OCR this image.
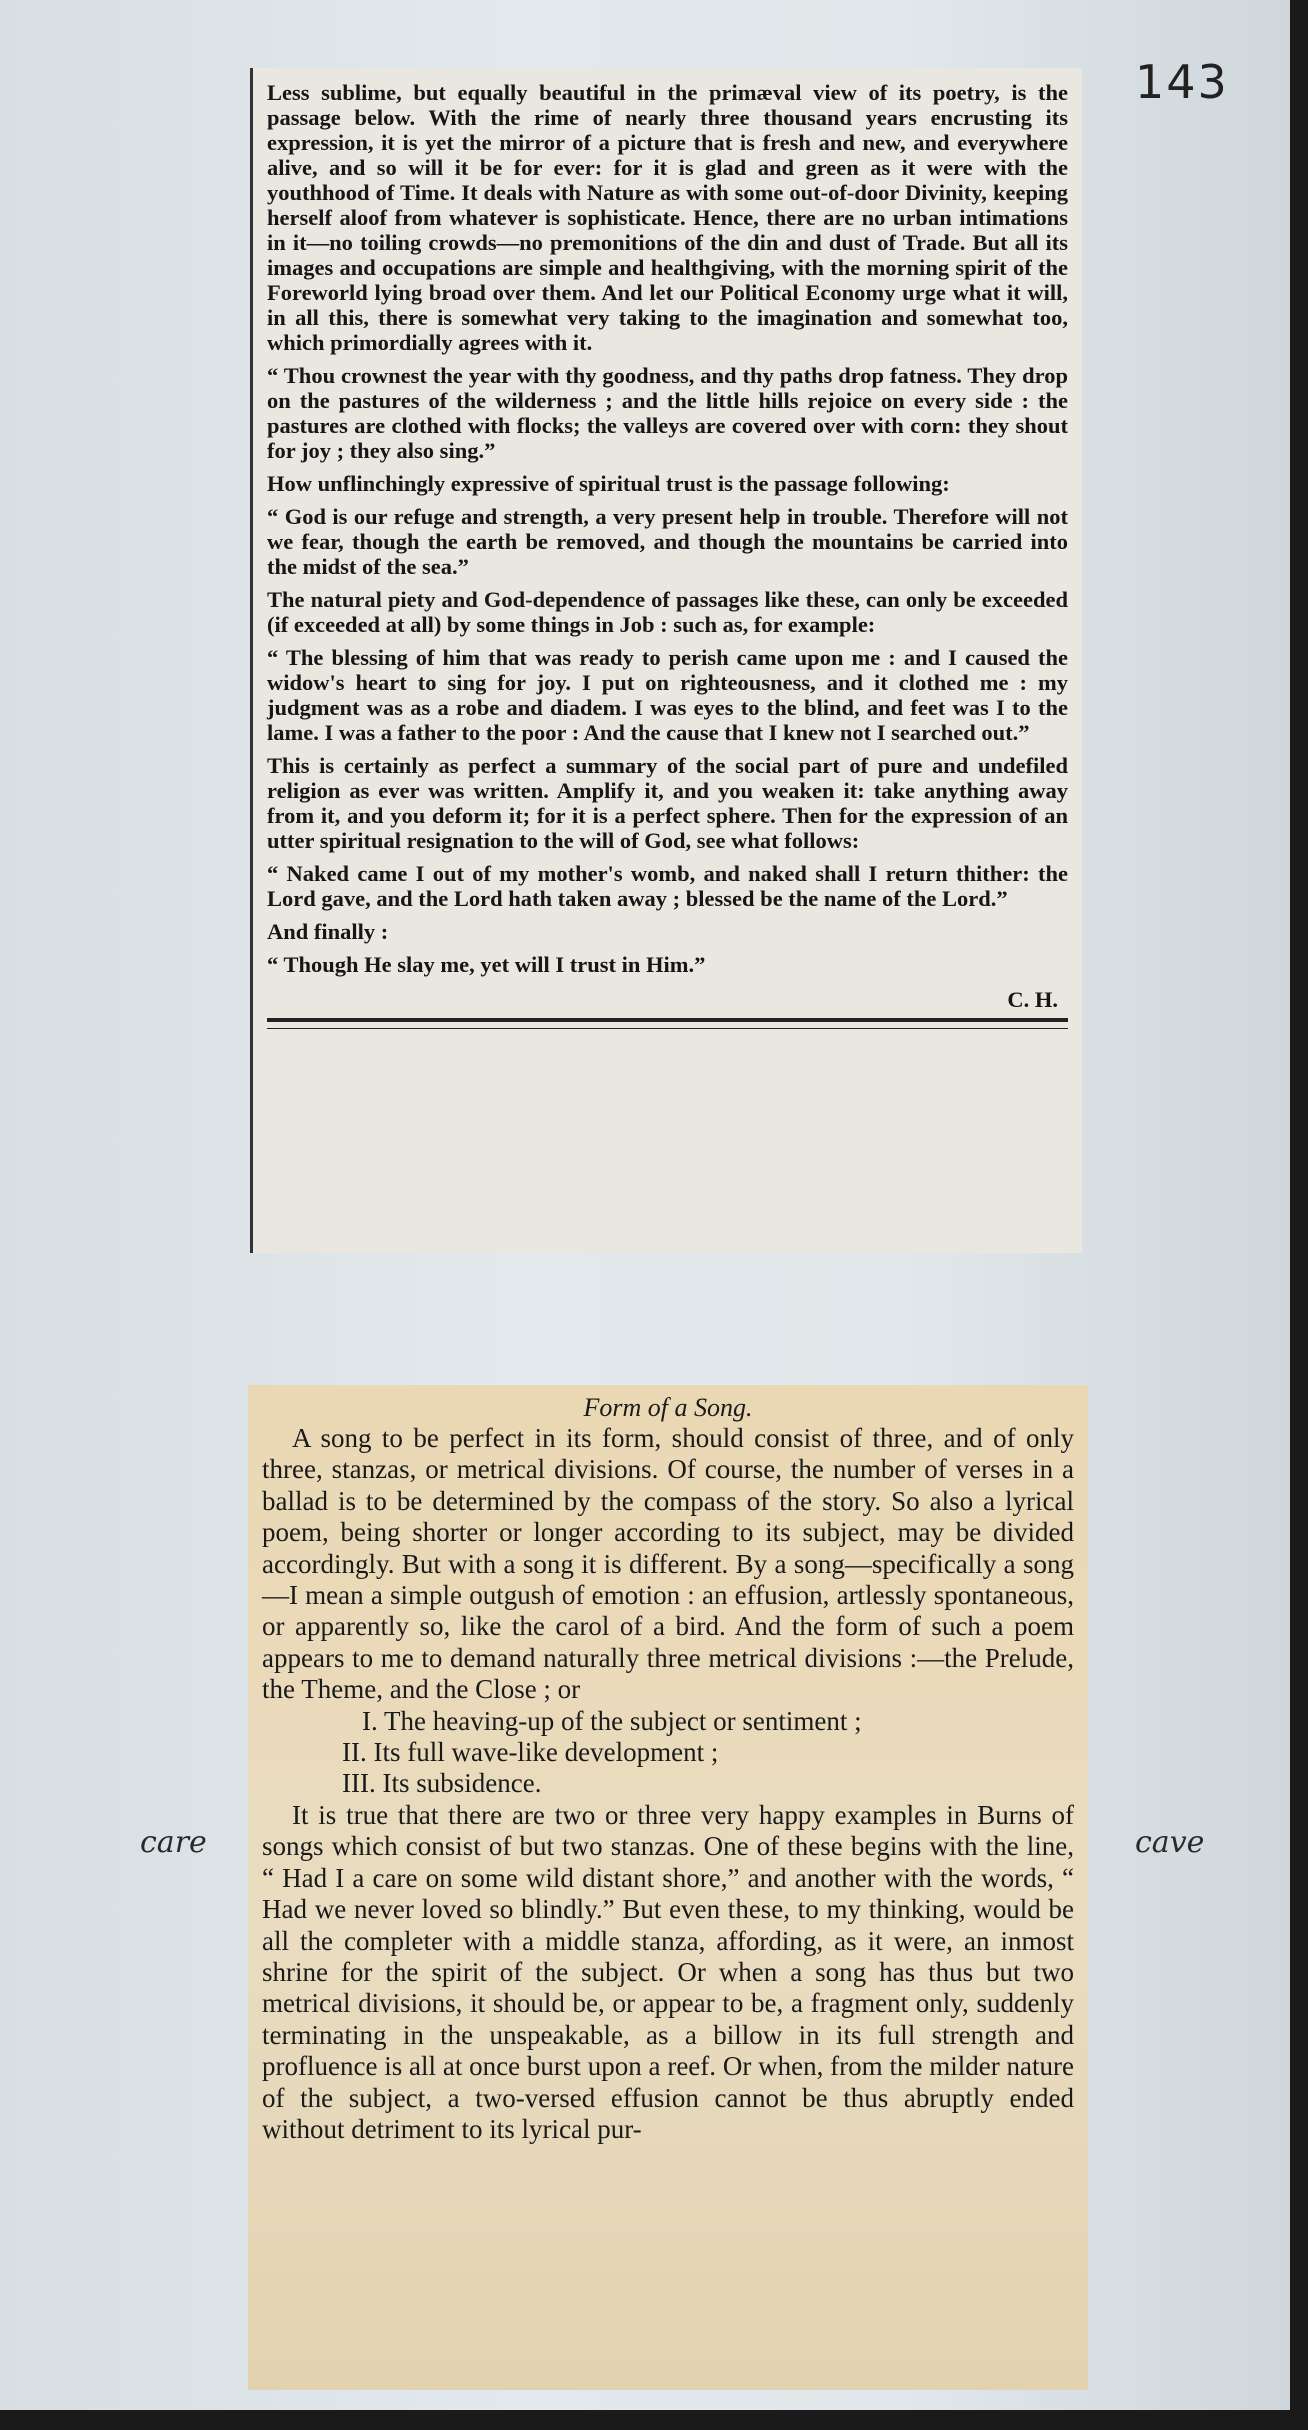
143

Less sublime, but equally beautiful in the primæval view of its poetry, is the passage below. With the rime of nearly three thousand years encrusting its expression, it is yet the mirror of a picture that is fresh and new, and everywhere alive, and so will it be for ever: for it is glad and green as it were with the youthhood of Time. It deals with Nature as with some out-of-door Divinity, keeping herself aloof from whatever is sophisticate. Hence, there are no urban intimations in it—no toiling crowds—no premonitions of the din and dust of Trade. But all its images and occupations are simple and healthgiving, with the morning spirit of the Foreworld lying broad over them. And let our Political Economy urge what it will, in all this, there is somewhat very taking to the imagination and somewhat too, which primordially agrees with it.

“ Thou crownest the year with thy goodness, and thy paths drop fatness. They drop on the pastures of the wilderness ; and the little hills rejoice on every side : the pastures are clothed with flocks; the valleys are covered over with corn: they shout for joy ; they also sing.”

How unflinchingly expressive of spiritual trust is the passage following:

“ God is our refuge and strength, a very present help in trouble. Therefore will not we fear, though the earth be removed, and though the mountains be carried into the midst of the sea.”

The natural piety and God-dependence of passages like these, can only be exceeded (if exceeded at all) by some things in Job : such as, for example:

“ The blessing of him that was ready to perish came upon me : and I caused the widow's heart to sing for joy. I put on righteousness, and it clothed me : my judgment was as a robe and diadem. I was eyes to the blind, and feet was I to the lame. I was a father to the poor : And the cause that I knew not I searched out.”

This is certainly as perfect a summary of the social part of pure and undefiled religion as ever was written. Amplify it, and you weaken it: take anything away from it, and you deform it; for it is a perfect sphere. Then for the expression of an utter spiritual resignation to the will of God, see what follows:

“ Naked came I out of my mother's womb, and naked shall I return thither: the Lord gave, and the Lord hath taken away ; blessed be the name of the Lord.”

And finally :

“ Though He slay me, yet will I trust in Him.”

C. H.
Form of a Song.

A song to be perfect in its form, should consist of three, and of only three, stanzas, or metrical divisions. Of course, the number of verses in a ballad is to be determined by the compass of the story. So also a lyrical poem, being shorter or longer according to its subject, may be divided accordingly. But with a song it is different. By a song—specifically a song—I mean a simple outgush of emotion : an effusion, artlessly spontaneous, or apparently so, like the carol of a bird. And the form of such a poem appears to me to demand naturally three metrical divisions :—the Prelude, the Theme, and the Close ; or

I. The heaving-up of the subject or sentiment ;

II. Its full wave-like development ;

III. Its subsidence.

It is true that there are two or three very happy examples in Burns of songs which consist of but two stanzas. One of these begins with the line, “ Had I a care on some wild distant shore,” and another with the words, “ Had we never loved so blindly.” But even these, to my thinking, would be all the completer with a middle stanza, affording, as it were, an inmost shrine for the spirit of the subject. Or when a song has thus but two metrical divisions, it should be, or appear to be, a fragment only, suddenly terminating in the unspeakable, as a billow in its full strength and profluence is all at once burst upon a reef. Or when, from the milder nature of the subject, a two-versed effusion cannot be thus abruptly ended without detriment to its lyrical pur-

care	cave
